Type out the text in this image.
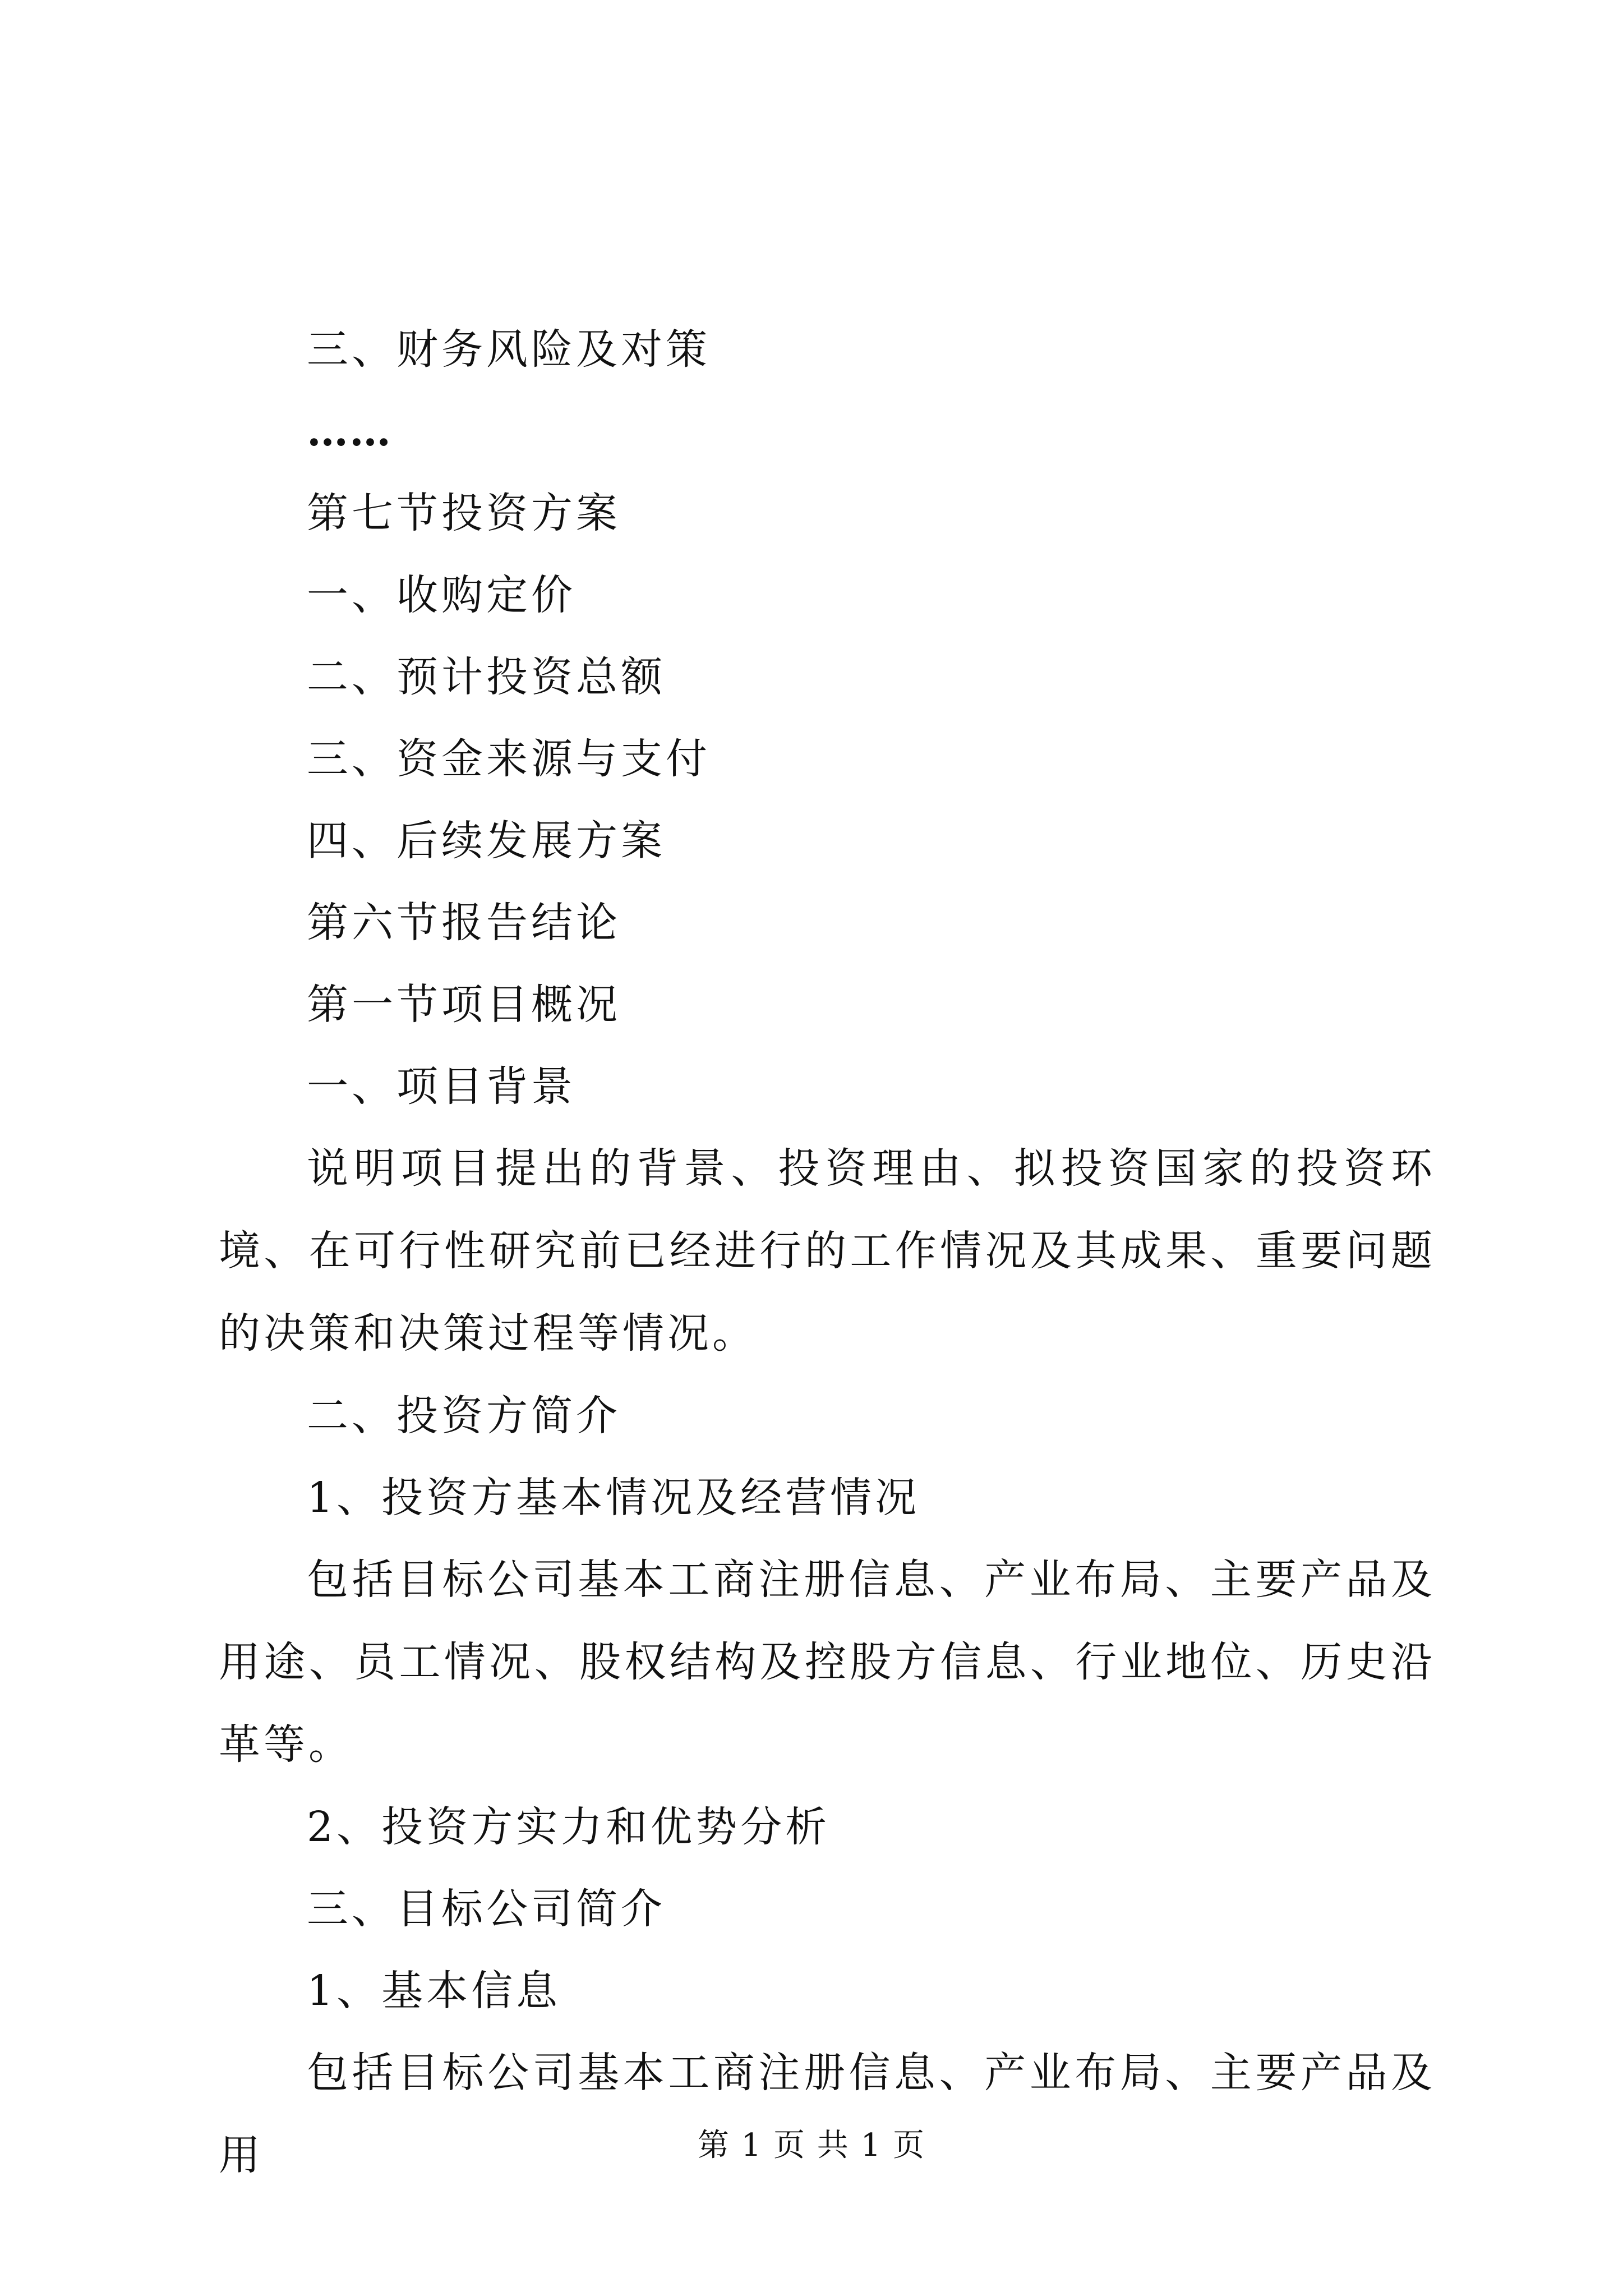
三、财务风险及对策
……
第七节投资方案
一、收购定价
二、预计投资总额
三、资金来源与支付
四、后续发展方案
第六节报告结论
第一节项目概况
一、项目背景

说明项目提出的背景、投资理由、拟投资国家的投资环境、在可行性研究前已经进行的工作情况及其成果、重要问题的决策和决策过程等情况。

二、投资方简介
1、投资方基本情况及经营情况

包括目标公司基本工商注册信息、产业布局、主要产品及用途、员工情况、股权结构及控股方信息、行业地位、历史沿革等。

2、投资方实力和优势分析
三、目标公司简介
1、基本信息

包括目标公司基本工商注册信息、产业布局、主要产品及用	第 1 页 共 1 页
